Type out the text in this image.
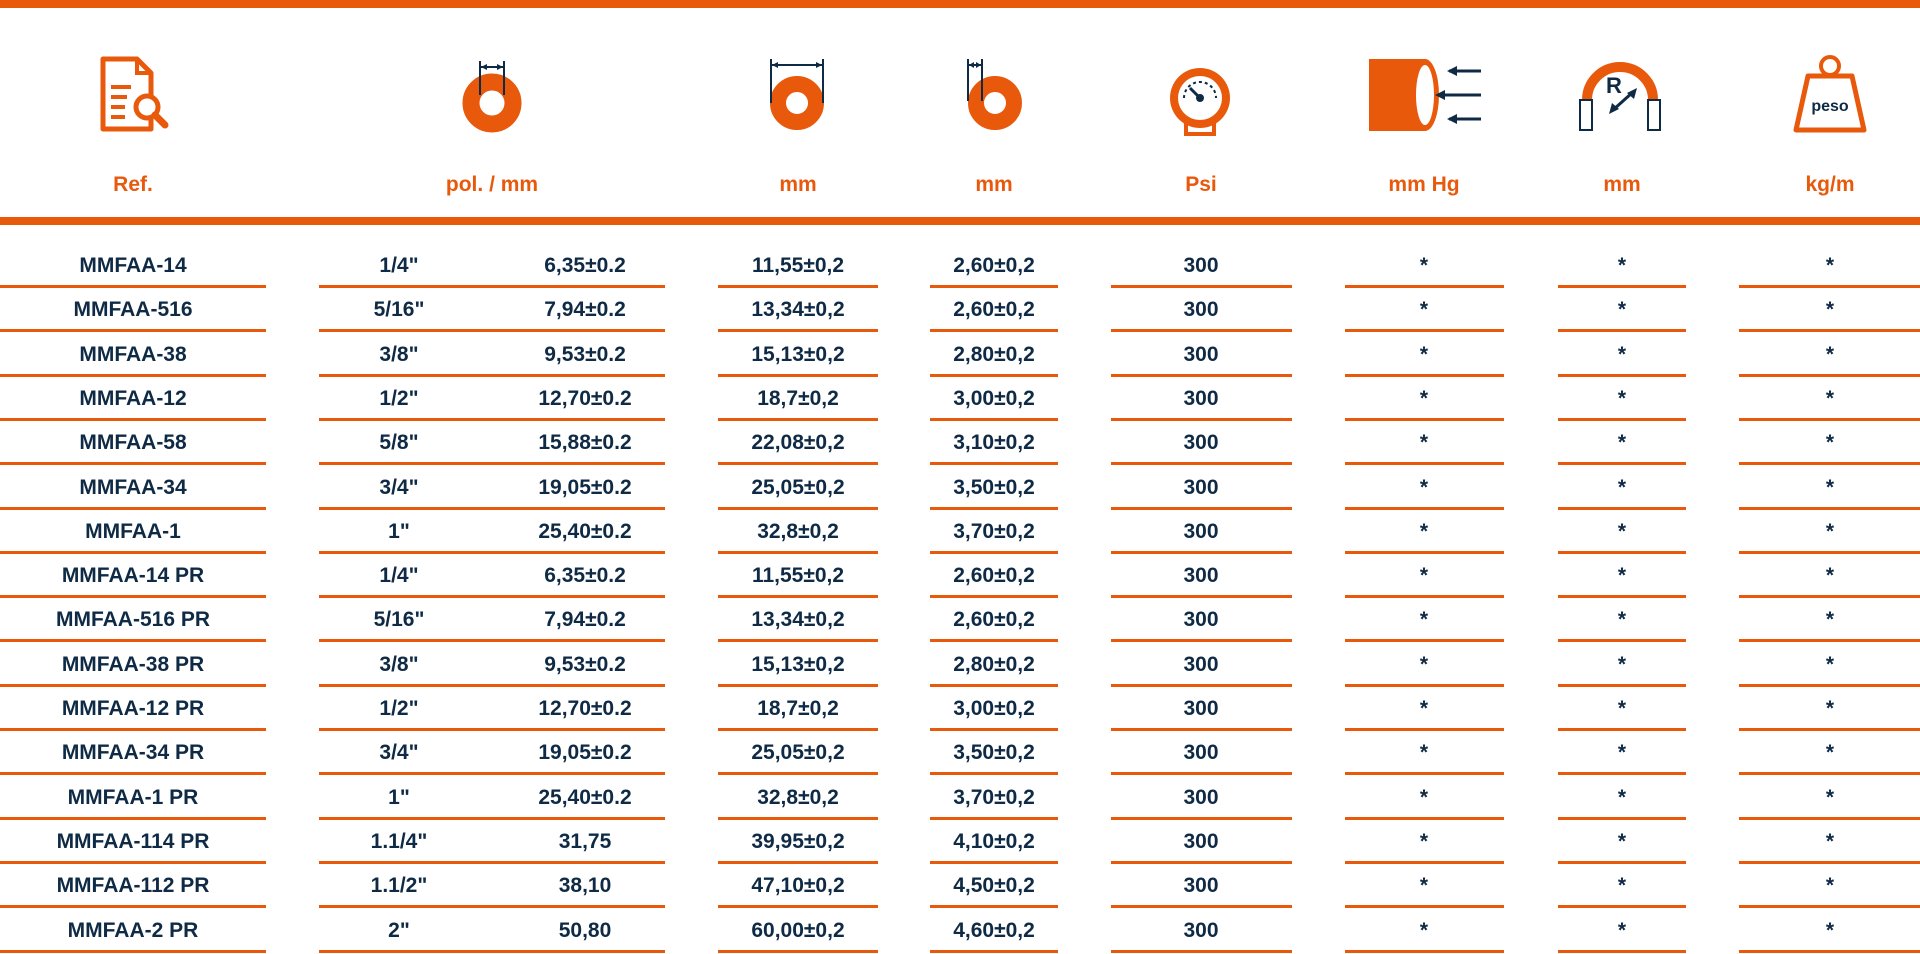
R
peso
Ref.	pol. / mm	mm	mm	Psi	mm Hg	mm	kg/m
MMFAA-14	1/4"	6,35±0.2	11,55±0,2	2,60±0,2	300	*	*	*
MMFAA-516	5/16"	7,94±0.2	13,34±0,2	2,60±0,2	300	*	*	*
MMFAA-38	3/8"	9,53±0.2	15,13±0,2	2,80±0,2	300	*	*	*
MMFAA-12	1/2"	12,70±0.2	18,7±0,2	3,00±0,2	300	*	*	*
MMFAA-58	5/8"	15,88±0.2	22,08±0,2	3,10±0,2	300	*	*	*
MMFAA-34	3/4"	19,05±0.2	25,05±0,2	3,50±0,2	300	*	*	*
MMFAA-1	1"	25,40±0.2	32,8±0,2	3,70±0,2	300	*	*	*
MMFAA-14 PR	1/4"	6,35±0.2	11,55±0,2	2,60±0,2	300	*	*	*
MMFAA-516 PR	5/16"	7,94±0.2	13,34±0,2	2,60±0,2	300	*	*	*
MMFAA-38 PR	3/8"	9,53±0.2	15,13±0,2	2,80±0,2	300	*	*	*
MMFAA-12 PR	1/2"	12,70±0.2	18,7±0,2	3,00±0,2	300	*	*	*
MMFAA-34 PR	3/4"	19,05±0.2	25,05±0,2	3,50±0,2	300	*	*	*
MMFAA-1 PR	1"	25,40±0.2	32,8±0,2	3,70±0,2	300	*	*	*
MMFAA-114 PR	1.1/4"	31,75	39,95±0,2	4,10±0,2	300	*	*	*
MMFAA-112 PR	1.1/2"	38,10	47,10±0,2	4,50±0,2	300	*	*	*
MMFAA-2 PR	2"	50,80	60,00±0,2	4,60±0,2	300	*	*	*
